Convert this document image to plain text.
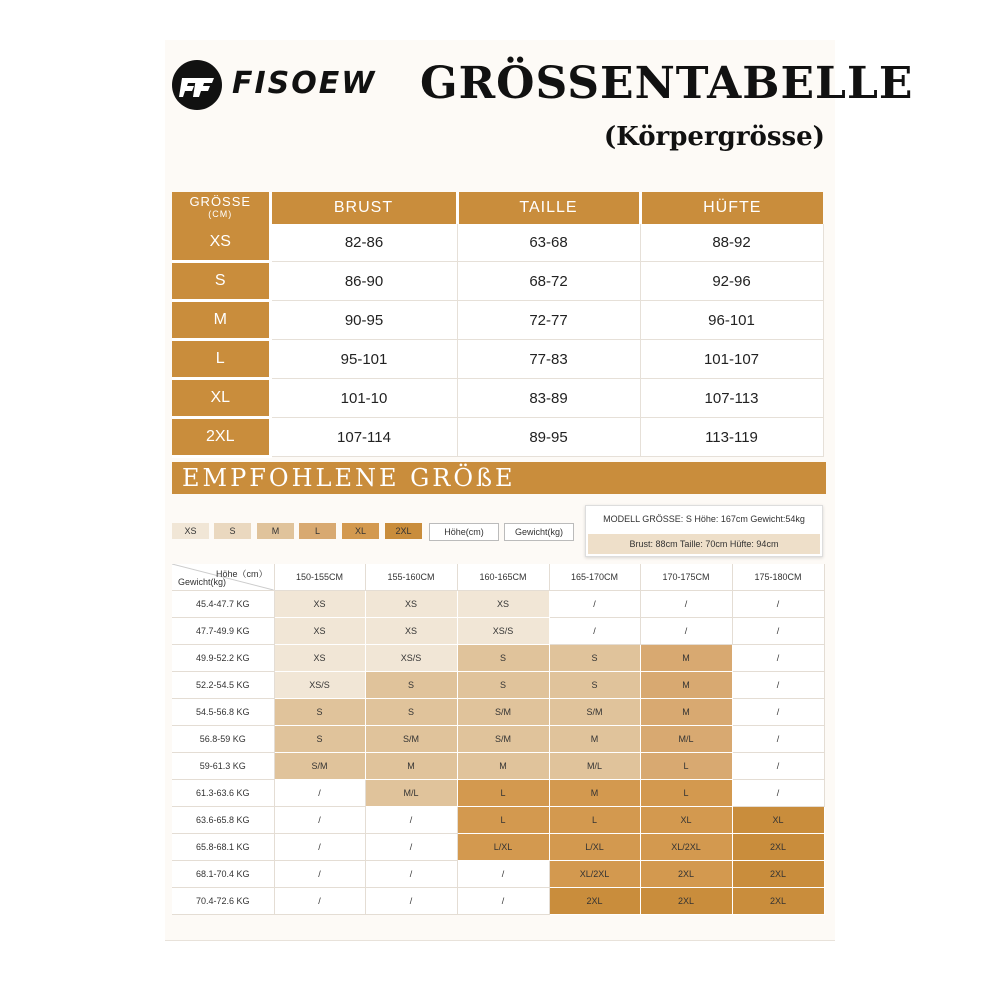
FISOEW GRÖSSENTABELLE
(Körpergrösse)
GRÖSSE
(CM)	BRUST	TAILLE	HÜFTE
XS	82-86	63-68	88-92
S	86-90	68-72	92-96
M	90-95	72-77	96-101
L	95-101	77-83	101-107
XL	101-10	83-89	107-113
2XL	107-114	89-95	113-119
EMPFOHLENE GRÖßE
XS	S	M	L	XL	2XL	Höhe(cm)	Gewicht(kg)
MODELL GRÖSSE: S Höhe: 167cm Gewicht:54kg
Brust: 88cm Taille: 70cm Hüfte: 94cm
Höhe（cm）
Gewicht(kg)	150-155CM	155-160CM	160-165CM	165-170CM	170-175CM	175-180CM
45.4-47.7 KG	XS	XS	XS	/	/	/
47.7-49.9 KG	XS	XS	XS/S	/	/	/
49.9-52.2 KG	XS	XS/S	S	S	M	/
52.2-54.5 KG	XS/S	S	S	S	M	/
54.5-56.8 KG	S	S	S/M	S/M	M	/
56.8-59 KG	S	S/M	S/M	M	M/L	/
59-61.3 KG	S/M	M	M	M/L	L	/
61.3-63.6 KG	/	M/L	L	M	L	/
63.6-65.8 KG	/	/	L	L	XL	XL
65.8-68.1 KG	/	/	L/XL	L/XL	XL/2XL	2XL
68.1-70.4 KG	/	/	/	XL/2XL	2XL	2XL
70.4-72.6 KG	/	/	/	2XL	2XL	2XL
